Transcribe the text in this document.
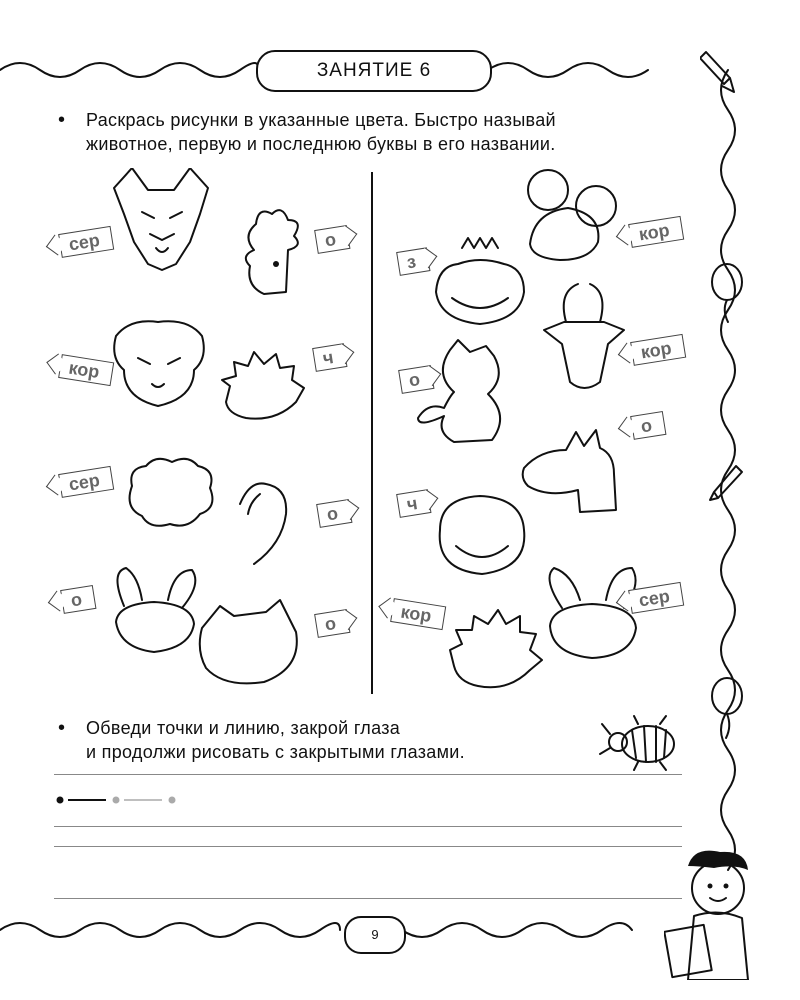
ЗАНЯТИЕ 6
• Раскрась рисунки в указанные цвета. Быстро называй
животное, первую и последнюю буквы в его названии.
сер	о
кор	ч
сер
о
о
о
з
кор
о
кор
о
ч
кор
сер
• Обведи точки и линию, закрой глаза
и продолжи рисовать с закрытыми глазами.
9
